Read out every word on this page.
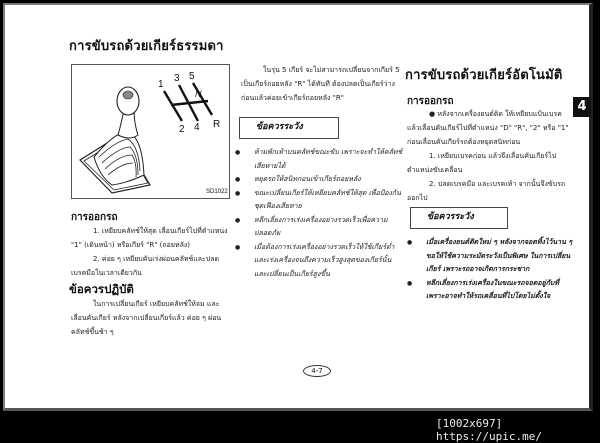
การขับรถด้วยเกียร์ธรรมดา
1
3 5
N
2 4 R
SD1022
การออกรถ
1. เหยียบคลัทช์ให้สุด เลื่อนเกียร์ไปที่ตำแหน่ง "1" (เดินหน้า) หรือเกียร์ "R" (ถอยหลัง)
2. ค่อย ๆ เหยียบคันเร่งผ่อนคลัทช์และปลดเบรคมือในเวลาเดียวกัน
ข้อควรปฏิบัติ
ในการเปลี่ยนเกียร์ เหยียบคลัทช์ให้จม และเลื่อนคันเกียร์ หลังจากเปลี่ยนเกียร์แล้ว ค่อย ๆ ผ่อนคลัทช์ขึ้นช้า ๆ
ในรุ่น 5 เกียร์ จะไม่สามารถเปลี่ยนจากเกียร์ 5 เป็นเกียร์ถอยหลัง "R" ได้ทันที ต้องปลดเป็นเกียร์ว่างก่อนแล้วค่อยเข้าเกียร์ถอยหลัง "R"
ข้อควรระวัง
● ห้ามพักเท้าบนคลัทช์ขณะขับ เพราะจะทำให้คลัทช์เสียหายได้
● หยุดรถให้สนิทก่อนเข้าเกียร์ถอยหลัง
● ขณะเปลี่ยนเกียร์ให้เหยียบคลัทช์ให้สุด เพื่อป้องกันชุดเฟืองเสียหาย
● หลีกเลี่ยงการเร่งเครื่องอย่างรวดเร็วเพื่อความปลอดภัย
● เมื่อต้องการเร่งเครื่องอย่างรวดเร็วให้ใช้เกียร์ต่ำ และเร่งเครื่องจนถึงความเร็วสูงสุดของเกียร์นั้น และเปลี่ยนเป็นเกียร์สูงขึ้น
การขับรถด้วยเกียร์อัตโนมัติ
การออกรถ
● หลังจากเครื่องยนต์ติด ให้เหยียบแป้นเบรคแล้วเลื่อนคันเกียร์ไปที่ตำแหน่ง "D" "R", "2" หรือ "1" ก่อนเลื่อนคันเกียร์รถต้องหยุดสนิทก่อน
1. เหยียบเบรคก่อน แล้วจึงเลื่อนคันเกียร์ไปตำแหน่งขับเคลื่อน
2. ปลดเบรคมือ และเบรคเท้า จากนั้นจึงขับรถออกไป
4
ข้อควรระวัง
● เมื่อเครื่องยนต์ติดใหม่ ๆ หลังจากจอดทิ้งไว้นาน ๆ ขอให้ใช้ความระมัดระวังเป็นพิเศษ ในการเปลี่ยนเกียร์ เพราะรถอาจเกิดการกระชาก
● หลีกเลี่ยงการเร่งเครื่องในขณะรถจอดอยู่กับที่ เพราะอาจทำให้รถเคลื่อนที่ไปโดยไม่ตั้งใจ
4-7
[1002x697] https://upic.me/
